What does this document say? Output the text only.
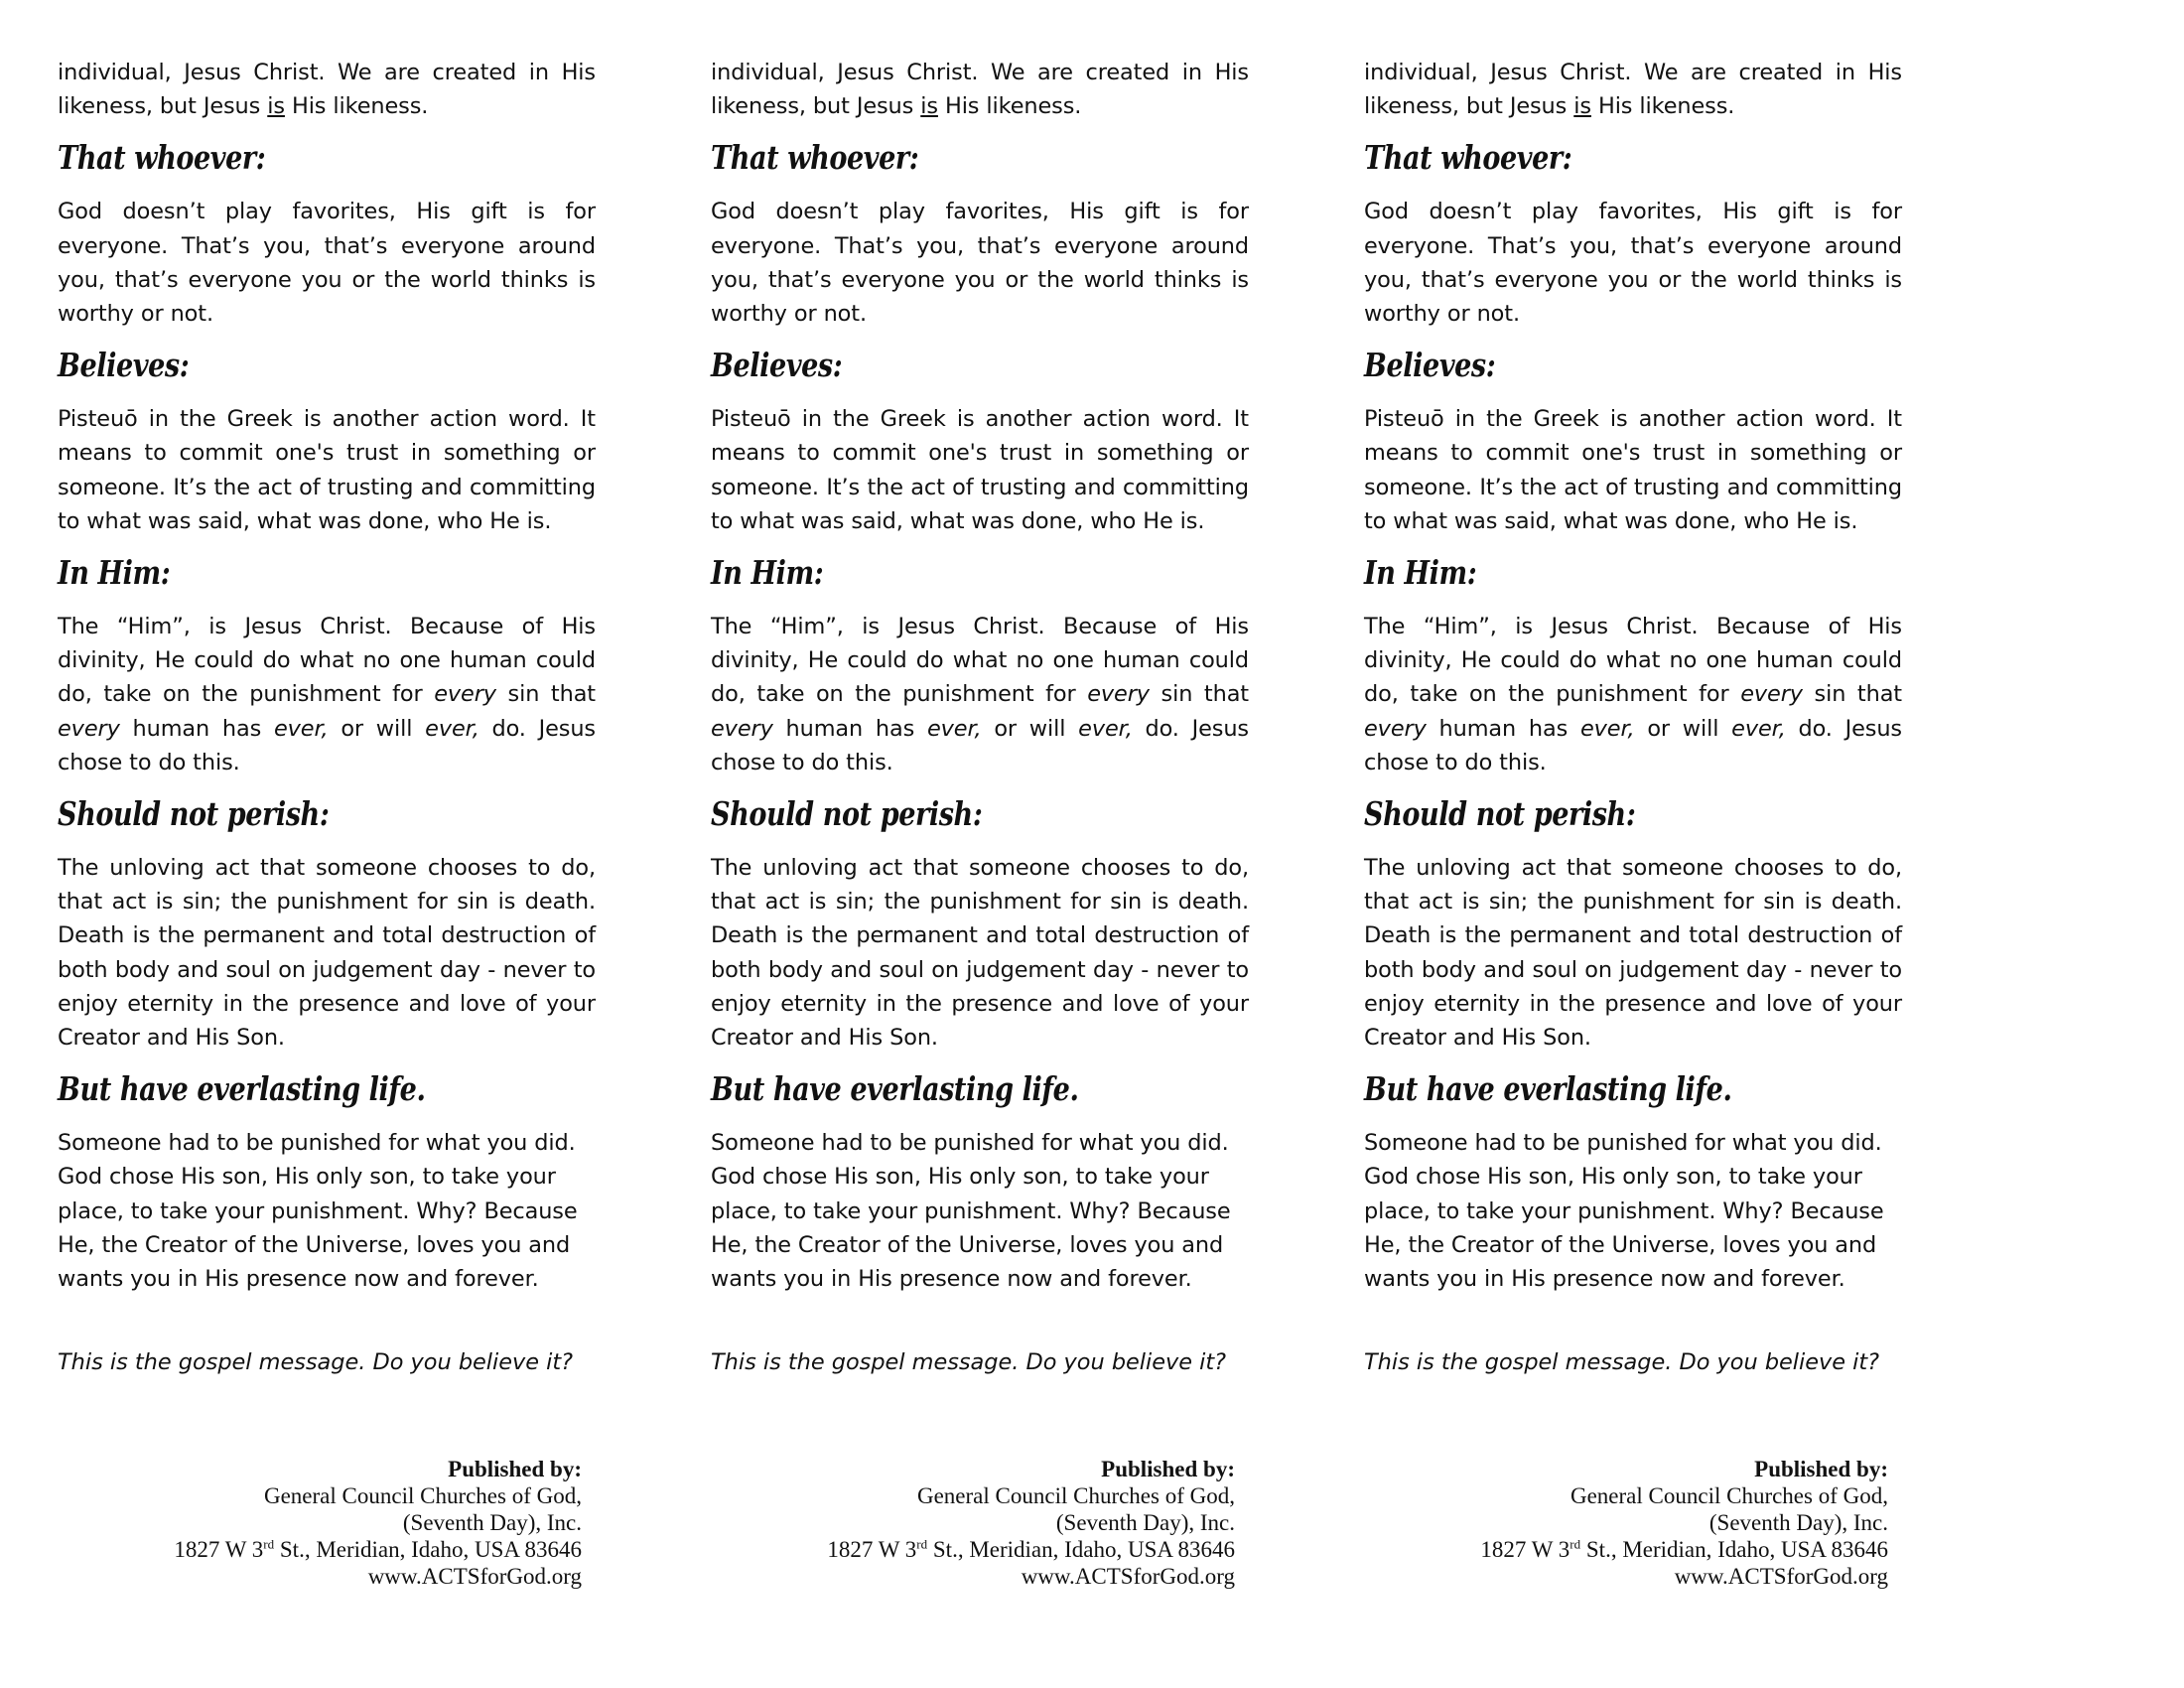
individual, Jesus Christ. We are created in His likeness, but Jesus is His likeness.

That whoever:

God doesn’t play favorites, His gift is for everyone. That’s you, that’s everyone around you, that’s everyone you or the world thinks is worthy or not.

Believes:

Pisteuō in the Greek is another action word. It means to commit one's trust in something or someone. It’s the act of trusting and committing to what was said, what was done, who He is.

In Him:

The “Him”, is Jesus Christ. Because of His divinity, He could do what no one human could do, take on the punishment for every sin that every human has ever, or will ever, do. Jesus chose to do this.

Should not perish:

The unloving act that someone chooses to do, that act is sin; the punishment for sin is death. Death is the permanent and total destruction of both body and soul on judgement day - never to enjoy eternity in the presence and love of your Creator and His Son.

But have everlasting life.

Someone had to be punished for what you did. God chose His son, His only son, to take your place, to take your punishment. Why? Because He, the Creator of the Universe, loves you and wants you in His presence now and forever.

This is the gospel message. Do you believe it?

Published by:
General Council Churches of God,
(Seventh Day), Inc.
1827 W 3rd St., Meridian, Idaho, USA 83646
www.ACTSforGod.org

individual, Jesus Christ. We are created in His likeness, but Jesus is His likeness.

That whoever:

God doesn’t play favorites, His gift is for everyone. That’s you, that’s everyone around you, that’s everyone you or the world thinks is worthy or not.

Believes:

Pisteuō in the Greek is another action word. It means to commit one's trust in something or someone. It’s the act of trusting and committing to what was said, what was done, who He is.

In Him:

The “Him”, is Jesus Christ. Because of His divinity, He could do what no one human could do, take on the punishment for every sin that every human has ever, or will ever, do. Jesus chose to do this.

Should not perish:

The unloving act that someone chooses to do, that act is sin; the punishment for sin is death. Death is the permanent and total destruction of both body and soul on judgement day - never to enjoy eternity in the presence and love of your Creator and His Son.

But have everlasting life.

Someone had to be punished for what you did. God chose His son, His only son, to take your place, to take your punishment. Why? Because He, the Creator of the Universe, loves you and wants you in His presence now and forever.

This is the gospel message. Do you believe it?

Published by:
General Council Churches of God,
(Seventh Day), Inc.
1827 W 3rd St., Meridian, Idaho, USA 83646
www.ACTSforGod.org

individual, Jesus Christ. We are created in His likeness, but Jesus is His likeness.

That whoever:

God doesn’t play favorites, His gift is for everyone. That’s you, that’s everyone around you, that’s everyone you or the world thinks is worthy or not.

Believes:

Pisteuō in the Greek is another action word. It means to commit one's trust in something or someone. It’s the act of trusting and committing to what was said, what was done, who He is.

In Him:

The “Him”, is Jesus Christ. Because of His divinity, He could do what no one human could do, take on the punishment for every sin that every human has ever, or will ever, do. Jesus chose to do this.

Should not perish:

The unloving act that someone chooses to do, that act is sin; the punishment for sin is death. Death is the permanent and total destruction of both body and soul on judgement day - never to enjoy eternity in the presence and love of your Creator and His Son.

But have everlasting life.

Someone had to be punished for what you did. God chose His son, His only son, to take your place, to take your punishment. Why? Because He, the Creator of the Universe, loves you and wants you in His presence now and forever.

This is the gospel message. Do you believe it?

Published by:
General Council Churches of God,
(Seventh Day), Inc.
1827 W 3rd St., Meridian, Idaho, USA 83646
www.ACTSforGod.org
